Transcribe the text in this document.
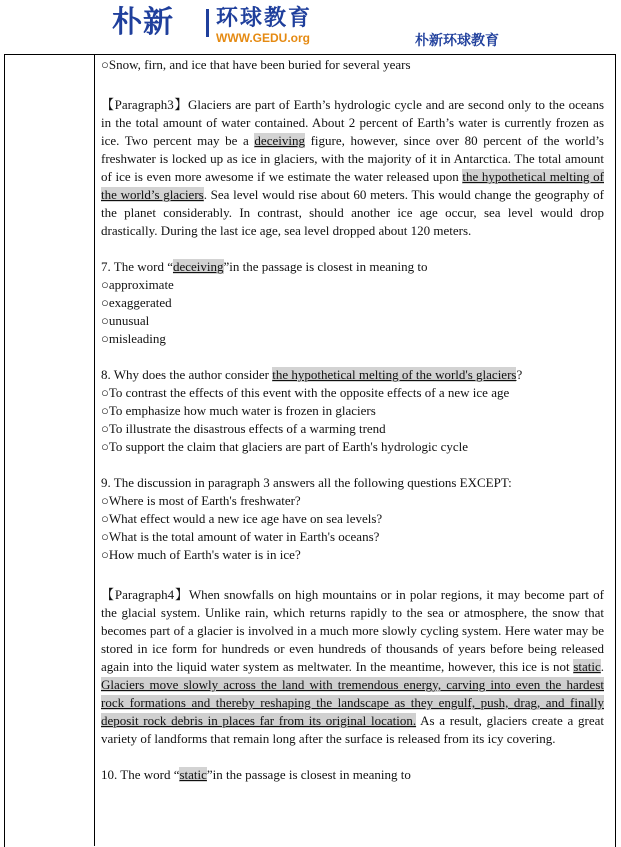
朴新 环球教育
WWW.GEDU.org	朴新环球教育

○Snow, firn, and ice that have been buried for several years

【Paragraph3】Glaciers are part of Earth’s hydrologic cycle and are second only to the oceans in the total amount of water contained. About 2 percent of Earth’s water is currently frozen as ice. Two percent may be a deceiving figure, however, since over 80 percent of the world’s freshwater is locked up as ice in glaciers, with the majority of it in Antarctica. The total amount of ice is even more awesome if we estimate the water released upon the hypothetical melting of the world’s glaciers. Sea level would rise about 60 meters. This would change the geography of the planet considerably. In contrast, should another ice age occur, sea level would drop drastically. During the last ice age, sea level dropped about 120 meters.

7. The word “deceiving”in the passage is closest in meaning to

○approximate
○exaggerated
○unusual
○misleading

8. Why does the author consider the hypothetical melting of the world's glaciers?

○To contrast the effects of this event with the opposite effects of a new ice age
○To emphasize how much water is frozen in glaciers
○To illustrate the disastrous effects of a warming trend
○To support the claim that glaciers are part of Earth's hydrologic cycle

9. The discussion in paragraph 3 answers all the following questions EXCEPT:

○Where is most of Earth's freshwater?
○What effect would a new ice age have on sea levels?
○What is the total amount of water in Earth's oceans?
○How much of Earth's water is in ice?

【Paragraph4】When snowfalls on high mountains or in polar regions, it may become part of the glacial system. Unlike rain, which returns rapidly to the sea or atmosphere, the snow that becomes part of a glacier is involved in a much more slowly cycling system. Here water may be stored in ice form for hundreds or even hundreds of thousands of years before being released again into the liquid water system as meltwater. In the meantime, however, this ice is not static. Glaciers move slowly across the land with tremendous energy, carving into even the hardest rock formations and thereby reshaping the landscape as they engulf, push, drag, and finally deposit rock debris in places far from its original location. As a result, glaciers create a great variety of landforms that remain long after the surface is released from its icy covering.

10. The word “static”in the passage is closest in meaning to
